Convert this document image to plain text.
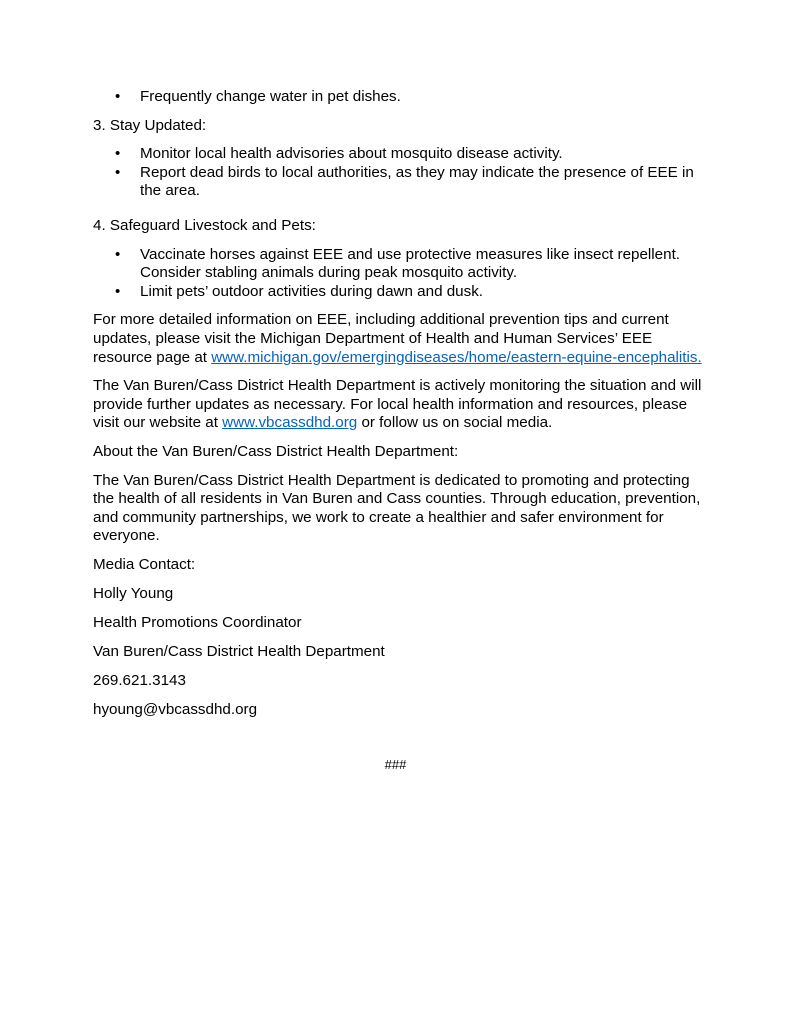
•	Frequently change water in pet dishes.

3. Stay Updated:

•	Monitor local health advisories about mosquito disease activity.
•	Report dead birds to local authorities, as they may indicate the presence of EEE in the area.

4. Safeguard Livestock and Pets:

•	Vaccinate horses against EEE and use protective measures like insect repellent. Consider stabling animals during peak mosquito activity.
•	Limit pets’ outdoor activities during dawn and dusk.

For more detailed information on EEE, including additional prevention tips and current updates, please visit the Michigan Department of Health and Human Services’ EEE resource page at www.michigan.gov/emergingdiseases/home/eastern-equine-encephalitis.

The Van Buren/Cass District Health Department is actively monitoring the situation and will provide further updates as necessary. For local health information and resources, please visit our website at www.vbcassdhd.org or follow us on social media.

About the Van Buren/Cass District Health Department:

The Van Buren/Cass District Health Department is dedicated to promoting and protecting the health of all residents in Van Buren and Cass counties. Through education, prevention, and community partnerships, we work to create a healthier and safer environment for everyone.

Media Contact:

Holly Young

Health Promotions Coordinator

Van Buren/Cass District Health Department

269.621.3143

hyoung@vbcassdhd.org

###
